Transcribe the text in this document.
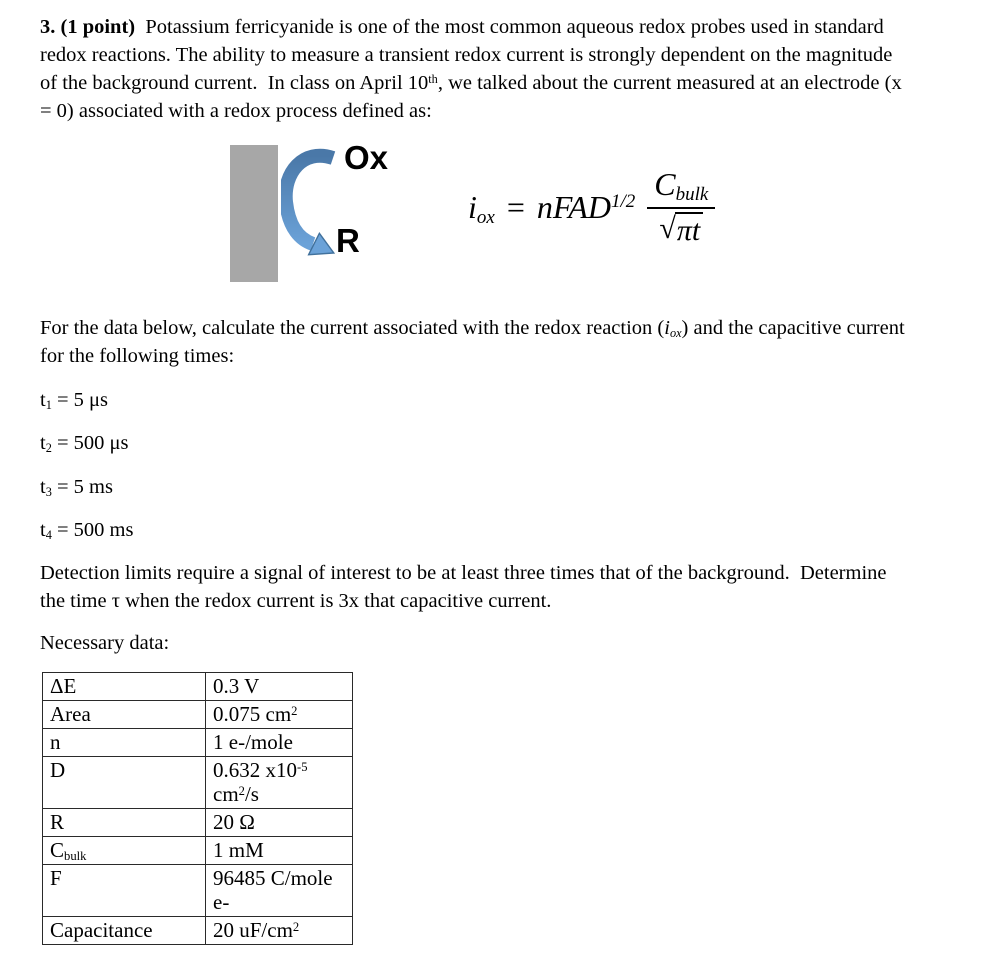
3. (1 point)  Potassium ferricyanide is one of the most common aqueous redox probes used in standard
redox reactions. The ability to measure a transient redox current is strongly dependent on the magnitude
of the background current.  In class on April 10th, we talked about the current measured at an electrode (x
= 0) associated with a redox process defined as:
Ox
R
$i_{ox}$ = nFAD$^{1/2}$ $\frac{C_{bulk}}{√ \pi t}$
For the data below, calculate the current associated with the redox reaction $(i_{ox})$ and the capacitive current
for the following times:
$t_1 = 5$ μs
$t_2 = 500$ μs
$t_3 = 5$ ms
$t_4 = 500$ ms
Detection limits require a signal of interest to be at least three times that of the background.  Determine
the time τ when the redox current is 3x that capacitive current.
Necessary data:
ΔE	0.3 V
Area	0.075 $cm^2$
n	1 e-/mole
D	0.632 $x10^{-5}$
$cm^2/s$
R	20 Ω
$C_{bulk}$	1 mM
F	96485 C/mole
e-
Capacitance	20 $uF/cm^2$
